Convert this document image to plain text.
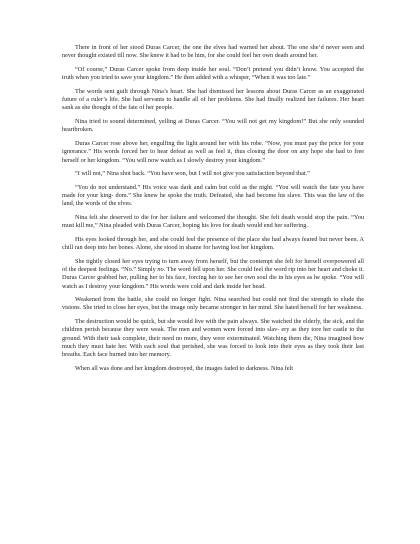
There in front of her stood Duras Carcer, the one the elves had warned her about. The one she’d never seen and never thought existed till now. She knew it had to be him, for she could feel her own death around her.

“Of course,” Duras Carcer spoke from deep inside her soul. “Don’t pretend you didn’t know. You accepted the truth when you tried to save your kingdom.” He then added with a whisper, “When it was too late.”

The words sent guilt through Nina’s heart. She had dismissed her lessons about Duras Carcer as an exaggerated future of a ruler’s life. She had servants to handle all of her problems. She had finally realized her failures. Her heart sank as she thought of the fate of her people.

Nina tried to sound determined, yelling at Duras Carcer. “You will not get my kingdom!” But she only sounded heartbroken.

Duras Carcer rose above her, engulfing the light around her with his robe. “Now, you must pay the price for your ignorance.” His words forced her to hear defeat as well as feel it, thus closing the door on any hope she had to free herself or her kingdom. “You will now watch as I slowly destroy your kingdom.”

“I will not,” Nina shot back. “You have won, but I will not give you satisfaction beyond that.”

“You do not understand.” His voice was dark and calm but cold as the night. “You will watch the fate you have made for your king- dom.” She knew he spoke the truth. Defeated, she had become his slave. This was the law of the land, the words of the elves.

Nina felt she deserved to die for her failure and welcomed the thought. She felt death would stop the pain. “You must kill me,” Nina pleaded with Duras Carcer, hoping his love for death would end her suffering.

His eyes looked through her, and she could feel the presence of the place she had always feared but never been. A chill ran deep into her bones. Alone, she stood in shame for having lost her kingdom.

She tightly closed her eyes trying to turn away from herself, but the contempt she felt for herself overpowered all of the deepest feelings. “No.” Simply no. The word fell upon her. She could feel the word rip into her heart and choke it. Duras Carcer grabbed her, pulling her to his face, forcing her to see her own soul die in his eyes as he spoke. “You will watch as I destroy your kingdom.” His words were cold and dark inside her head.

Weakened from the battle, she could no longer fight. Nina searched but could not find the strength to elude the visions. She tried to close her eyes, but the image only became stronger in her mind. She hated herself for her weakness.

The destruction would be quick, but she would live with the pain always. She watched the elderly, the sick, and the children perish because they were weak. The men and women were forced into slav- ery as they tore her castle to the ground. With their task complete, their need no more, they were exterminated. Watching them die, Nina imagined how much they must hate her. With each soul that perished, she was forced to look into their eyes as they took their last breaths. Each face burned into her memory.

When all was done and her kingdom destroyed, the images faded to darkness. Nina felt
